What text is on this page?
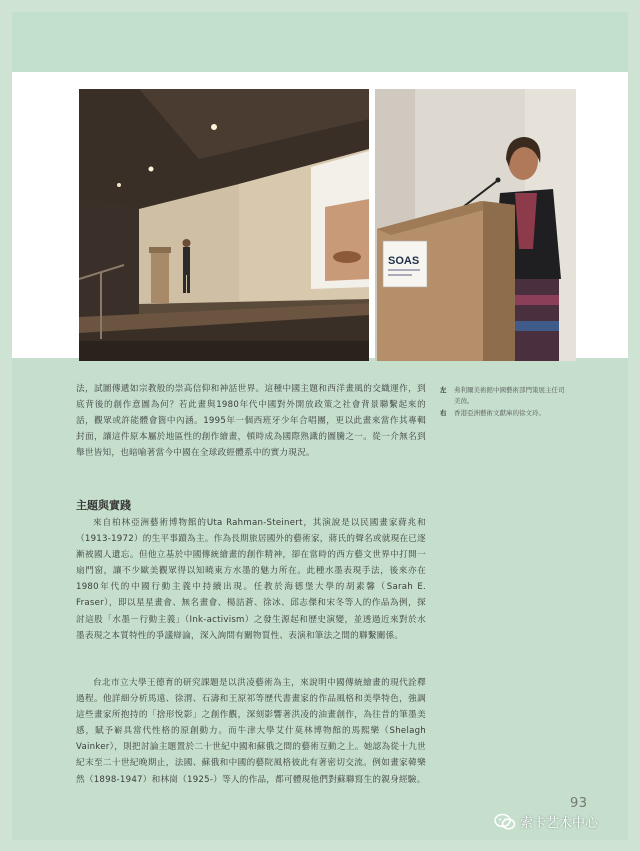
SOAS
法，試圖傳遞如宗教般的崇高信仰和神話世界。這種中國主題和西洋畫風的交織運作，到底背後的創作意圖為何？若此畫與1980年代中國對外開放政策之社會背景聯繫起來的話，觀眾或許能體會箇中內涵。1995年一個西班牙少年合唱團，更以此畫來當作其專輯封面，讓這件原本屬於地區性的創作繪畫，頓時成為國際熟識的圖騰之一。從一介無名到舉世皆知，也暗喻著當今中國在全球政經體系中的實力現況。
主題與實踐
來自柏林亞洲藝術博物館的Uta Rahman-Steinert，其演說是以民國畫家蔣兆和（1913-1972）的生平事蹟為主。作為長期旅居國外的藝術家，蔣氏的聲名或就現在已逐漸被國人遺忘。但他立基於中國傳統繪畫的創作精神，卻在當時的西方藝文世界中打開一扇門窗，讓不少歐美觀眾得以知曉東方水墨的魅力所在。此種水墨表現手法，後來亦在1980年代的中國行動主義中持續出現。任教於海德堡大學的胡素馨（Sarah E. Fraser），即以星星畫會、無名畫會、楊詰蒼、徐冰、邱志傑和宋冬等人的作品為例，探討這股「水墨－行動主義」（Ink-activism）之發生源起和歷史演變，並透過近來對於水墨表現之本質特性的爭議辯論，深入詢問有關物質性、表演和筆法之間的聯繫關係。
台北市立大學王德育的研究課題是以洪凌藝術為主，來說明中國傳統繪畫的現代詮釋過程。他詳細分析馬遠、徐渭、石濤和王原祁等歷代書畫家的作品風格和美學特色，強調這些畫家所抱持的「捨形悅影」之創作觀，深刻影響著洪凌的油畫創作，為往昔的筆墨美感，賦予嶄具當代性格的原創動力。而牛津大學艾什莫林博物館的馬熙樂（Shelagh Vainker），則把討論主題置於二十世紀中國和蘇俄之間的藝術互動之上。她認為從十九世紀末至二十世紀晚期止，法國、蘇俄和中國的藝院風格彼此有著密切交流。例如畫家韓樂然（1898-1947）和林崗（1925-）等人的作品，都可體現他們對蘇聯寫生的親身經驗。
左	弗利爾美術館中國藝術部門策展主任司美茵。
右	香港亞洲藝術文獻庫的徐文玲。
93
索卡艺术中心
